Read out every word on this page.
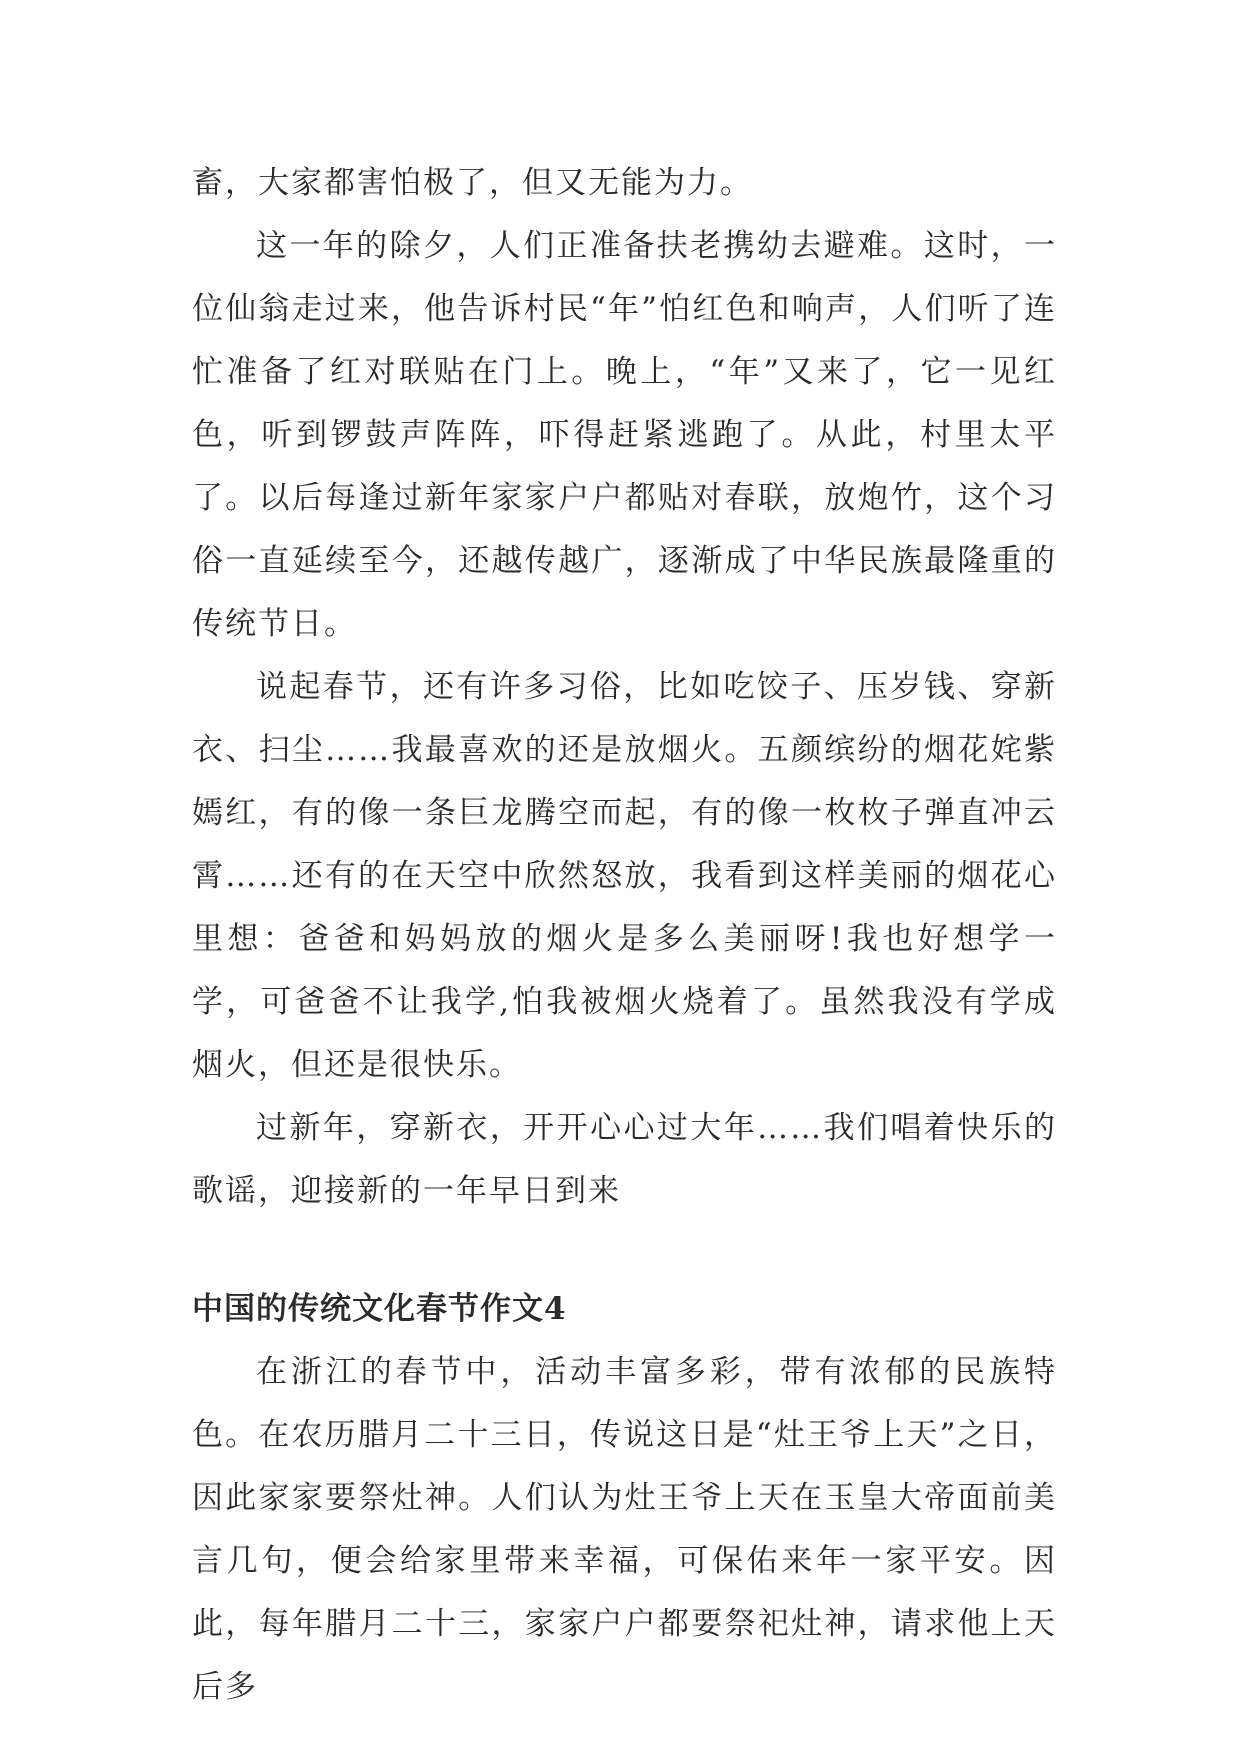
畜，大家都害怕极了，但又无能为力。

这一年的除夕，人们正准备扶老携幼去避难。这时，一位仙翁走过来，他告诉村民“年”怕红色和响声，人们听了连忙准备了红对联贴在门上。晚上，“年”又来了，它一见红色，听到锣鼓声阵阵，吓得赶紧逃跑了。从此，村里太平了。以后每逢过新年家家户户都贴对春联，放炮竹，这个习俗一直延续至今，还越传越广，逐渐成了中华民族最隆重的传统节日。

说起春节，还有许多习俗，比如吃饺子、压岁钱、穿新衣、扫尘……我最喜欢的还是放烟火。五颜缤纷的烟花姹紫嫣红，有的像一条巨龙腾空而起，有的像一枚枚子弹直冲云霄……还有的在天空中欣然怒放，我看到这样美丽的烟花心里想：爸爸和妈妈放的烟火是多么美丽呀!我也好想学一学，可爸爸不让我学,怕我被烟火烧着了。虽然我没有学成烟火，但还是很快乐。

过新年，穿新衣，开开心心过大年……我们唱着快乐的歌谣，迎接新的一年早日到来

中国的传统文化春节作文4

在浙江的春节中，活动丰富多彩，带有浓郁的民族特色。在农历腊月二十三日，传说这日是“灶王爷上天”之日，因此家家要祭灶神。人们认为灶王爷上天在玉皇大帝面前美言几句，便会给家里带来幸福，可保佑来年一家平安。因此，每年腊月二十三，家家户户都要祭祀灶神，请求他上天后多
